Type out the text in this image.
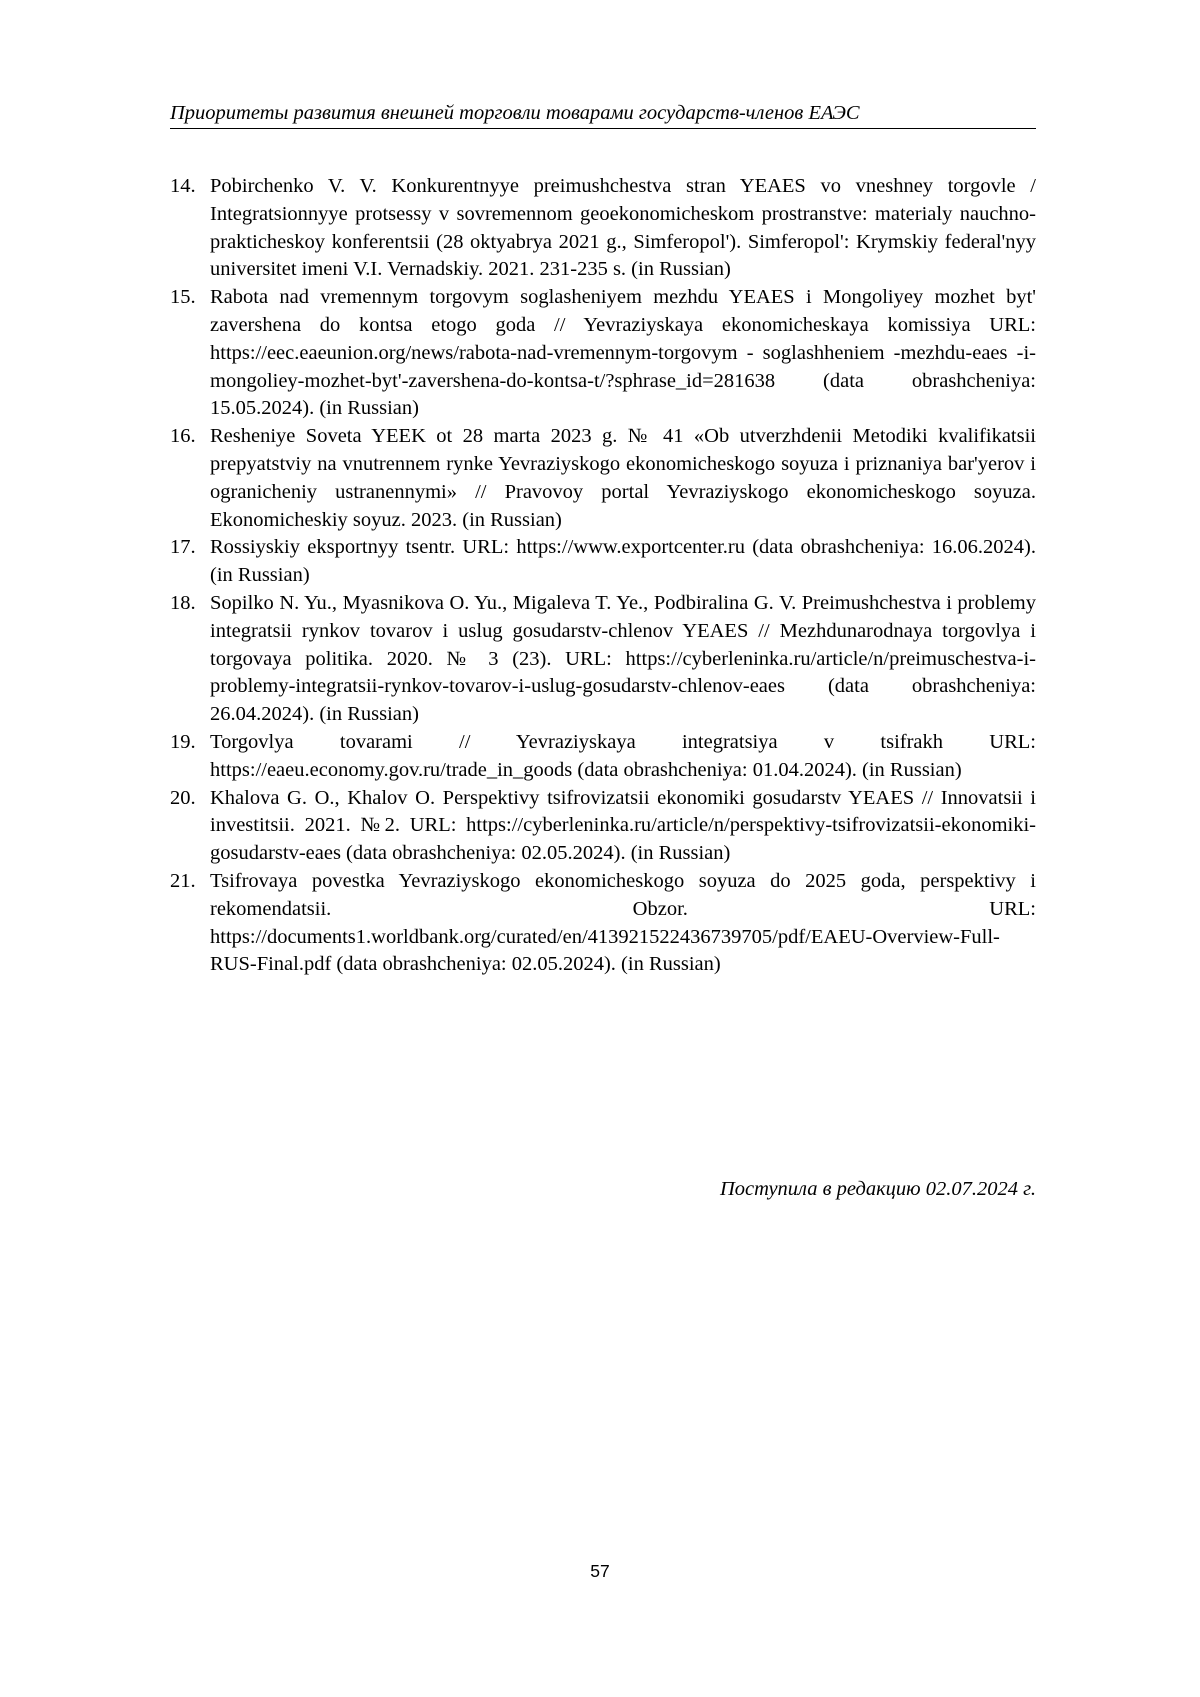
Приоритеты развития внешней торговли товарами государств-членов ЕАЭС
14. Pobirchenko V. V. Konkurentnyye preimushchestva stran YEAES vo vneshney torgovle / Integratsionnyye protsessy v sovremennom geoekonomicheskom prostranstve: materialy nauchno-prakticheskoy konferentsii (28 oktyabrya 2021 g., Simferopol'). Simferopol': Krymskiy federal'nyy universitet imeni V.I. Vernadskiy. 2021. 231-235 s. (in Russian)
15. Rabota nad vremennym torgovym soglasheniyem mezhdu YEAES i Mongoliyey mozhet byt' zavershena do kontsa etogo goda // Yevraziyskaya ekonomicheskaya komissiya URL: https://eec.eaeunion.org/news/rabota-nad-vremennym-torgovym - soglashheniem -mezhdu-eaes -i-mongoliey-mozhet-byt'-zavershena-do-kontsa-t/?sphrase_id=281638 (data obrashcheniya: 15.05.2024). (in Russian)
16. Resheniye Soveta YEEK ot 28 marta 2023 g. № 41 «Ob utverzhdenii Metodiki kvalifikatsii prepyatstviy na vnutrennem rynke Yevraziyskogo ekonomicheskogo soyuza i priznaniya bar'yerov i ogranicheniy ustranennymi» // Pravovoy portal Yevraziyskogo ekonomicheskogo soyuza. Ekonomicheskiy soyuz. 2023. (in Russian)
17. Rossiyskiy eksportnyy tsentr. URL: https://www.exportcenter.ru (data obrashcheniya: 16.06.2024). (in Russian)
18. Sopilko N. Yu., Myasnikova O. Yu., Migaleva T. Ye., Podbiralina G. V. Preimushchestva i problemy integratsii rynkov tovarov i uslug gosudarstv-chlenov YEAES // Mezhdunarodnaya torgovlya i torgovaya politika. 2020. № 3 (23). URL: https://cyberleninka.ru/article/n/preimuschestva-i-problemy-integratsii-rynkov-tovarov-i-uslug-gosudarstv-chlenov-eaes (data obrashcheniya: 26.04.2024). (in Russian)
19. Torgovlya tovarami // Yevraziyskaya integratsiya v tsifrakh URL: https://eaeu.economy.gov.ru/trade_in_goods (data obrashcheniya: 01.04.2024). (in Russian)
20. Khalova G. O., Khalov O. Perspektivy tsifrovizatsii ekonomiki gosudarstv YEAES // Innovatsii i investitsii. 2021. №2. URL: https://cyberleninka.ru/article/n/perspektivy-tsifrovizatsii-ekonomiki-gosudarstv-eaes (data obrashcheniya: 02.05.2024). (in Russian)
21. Tsifrovaya povestka Yevraziyskogo ekonomicheskogo soyuza do 2025 goda, perspektivy i rekomendatsii. Obzor. URL: https://documents1.worldbank.org/curated/en/413921522436739705/pdf/EAEU-Overview-Full-RUS-Final.pdf (data obrashcheniya: 02.05.2024). (in Russian)
Поступила в редакцию 02.07.2024 г.
57
